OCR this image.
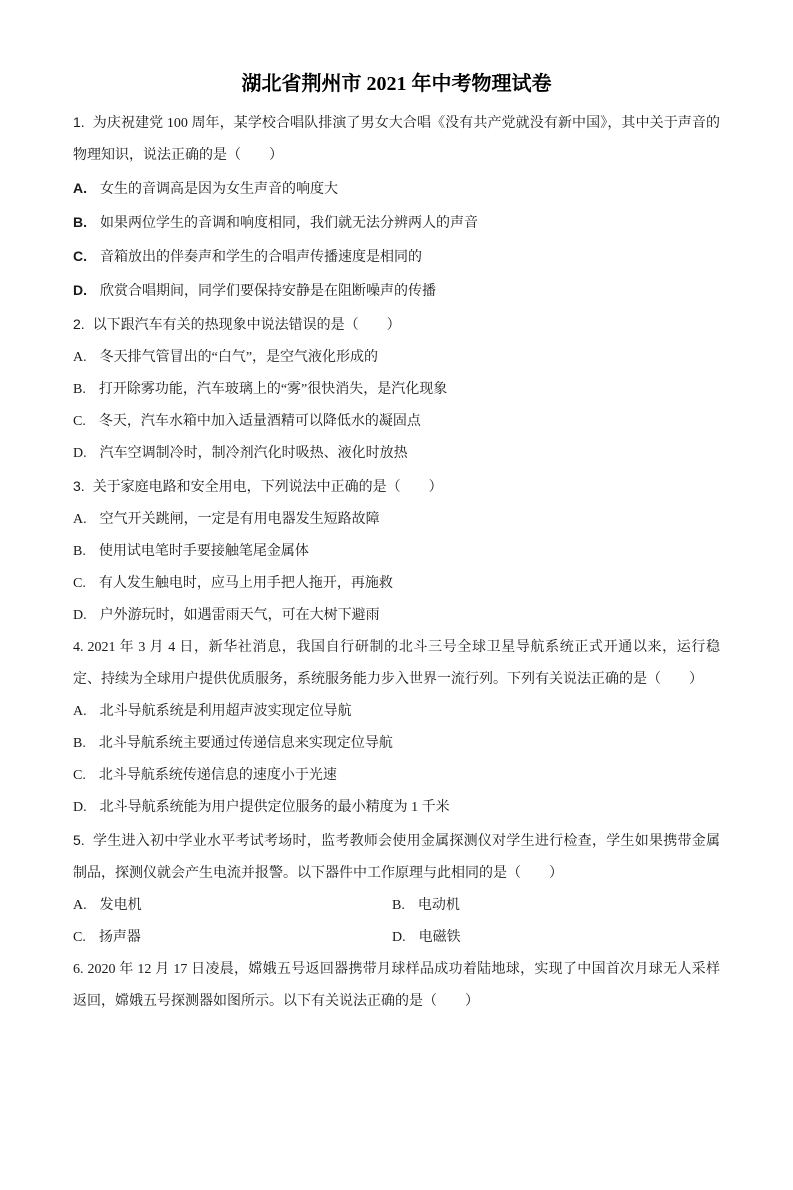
湖北省荆州市 2021 年中考物理试卷

1. 为庆祝建党 100 周年，某学校合唱队排演了男女大合唱《没有共产党就没有新中国》，其中关于声音的物理知识，说法正确的是（　　）

A. 女生的音调高是因为女生声音的响度大

B. 如果两位学生的音调和响度相同，我们就无法分辨两人的声音

C. 音箱放出的伴奏声和学生的合唱声传播速度是相同的

D. 欣赏合唱期间，同学们要保持安静是在阻断噪声的传播

2. 以下跟汽车有关的热现象中说法错误的是（　　）

A. 冬天排气管冒出的“白气”，是空气液化形成的

B. 打开除雾功能，汽车玻璃上的“雾”很快消失，是汽化现象

C. 冬天，汽车水箱中加入适量酒精可以降低水的凝固点

D. 汽车空调制冷时，制冷剂汽化时吸热、液化时放热

3. 关于家庭电路和安全用电，下列说法中正确的是（　　）

A. 空气开关跳闸，一定是有用电器发生短路故障

B. 使用试电笔时手要接触笔尾金属体

C. 有人发生触电时，应马上用手把人拖开，再施救

D. 户外游玩时，如遇雷雨天气，可在大树下避雨

4. 2021 年 3 月 4 日，新华社消息，我国自行研制的北斗三号全球卫星导航系统正式开通以来，运行稳定、持续为全球用户提供优质服务，系统服务能力步入世界一流行列。下列有关说法正确的是（　　）

A. 北斗导航系统是利用超声波实现定位导航

B. 北斗导航系统主要通过传递信息来实现定位导航

C. 北斗导航系统传递信息的速度小于光速

D. 北斗导航系统能为用户提供定位服务的最小精度为 1 千米

5. 学生进入初中学业水平考试考场时，监考教师会使用金属探测仪对学生进行检查，学生如果携带金属制品，探测仪就会产生电流并报警。以下器件中工作原理与此相同的是（　　）

A. 发电机	B. 电动机

C. 扬声器	D. 电磁铁

6. 2020 年 12 月 17 日凌晨，嫦娥五号返回器携带月球样品成功着陆地球，实现了中国首次月球无人采样返回，嫦娥五号探测器如图所示。以下有关说法正确的是（　　）
